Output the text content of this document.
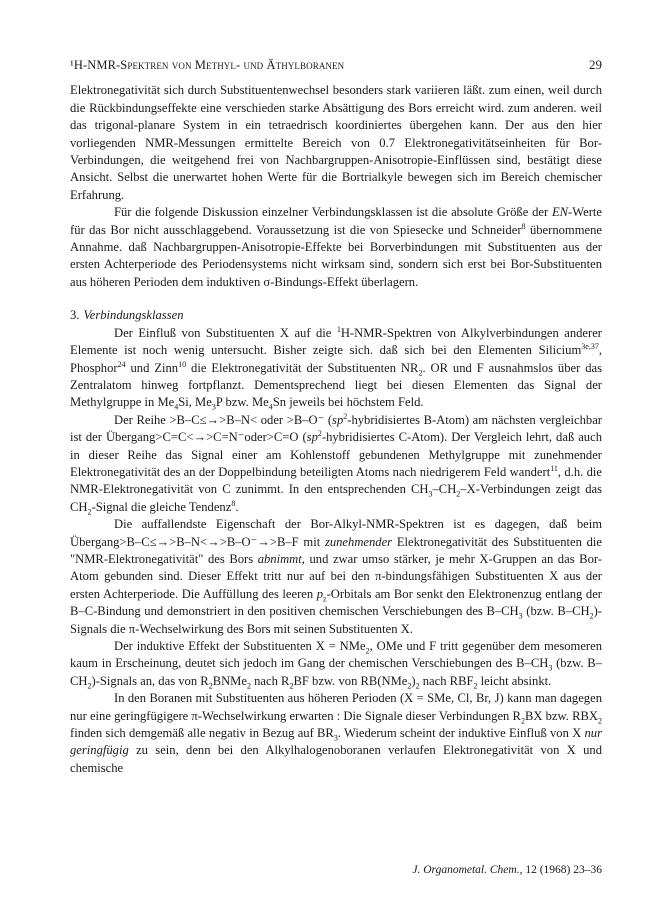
¹H-NMR-Spektren von Methyl- und Äthylboranen	29

Elektronegativität sich durch Substituentenwechsel besonders stark variieren läßt. zum einen, weil durch die Rückbindungseffekte eine verschieden starke Absättigung des Bors erreicht wird. zum anderen. weil das trigonal-planare System in ein tetraedrisch koordiniertes übergehen kann. Der aus den hier vorliegenden NMR-Messungen ermittelte Bereich von 0.7 Elektronegativitätseinheiten für Bor-Verbindungen, die weitgehend frei von Nachbargruppen-Anisotropie-Einflüssen sind, bestätigt diese Ansicht. Selbst die unerwartet hohen Werte für die Bortrialkyle bewegen sich im Bereich chemischer Erfahrung.

Für die folgende Diskussion einzelner Verbindungsklassen ist die absolute Größe der EN-Werte für das Bor nicht ausschlaggebend. Voraussetzung ist die von Spiesecke und Schneider$^8$ übernommene Annahme. daß Nachbargruppen-Anisotropie-Effekte bei Borverbindungen mit Substituenten aus der ersten Achterperiode des Periodensystems nicht wirksam sind, sondern sich erst bei Bor-Substituenten aus höheren Perioden dem induktiven σ-Bindungs-Effekt überlagern.

3. Verbindungsklassen

Der Einfluß von Substituenten X auf die $^1$H-NMR-Spektren von Alkylverbindungen anderer Elemente ist noch wenig untersucht. Bisher zeigte sich. daß sich bei den Elementen Silicium$^{3e,37}$, Phosphor$^{24}$ und Zinn$^{10}$ die Elektronegativität der Substituenten $NR_2$. OR und F ausnahmslos über das Zentralatom hinweg fortpflanzt. Dementsprechend liegt bei diesen Elementen das Signal der Methylgruppe in $Me_4Si$, $Me_3P$ bzw. $Me_4Sn$ jeweils bei höchstem Feld.

Der Reihe >B–C≤→>B–N< oder >B–O⁻ ($sp^2$-hybridisiertes B-Atom) am nächsten vergleichbar ist der Übergang>C=C<→>C=N⁻oder>C=O ($sp^2$-hybridisiertes C-Atom). Der Vergleich lehrt, daß auch in dieser Reihe das Signal einer am Kohlenstoff gebundenen Methylgruppe mit zunehmender Elektronegativität des an der Doppelbindung beteiligten Atoms nach niedrigerem Feld wandert$^{11}$, d.h. die NMR-Elektronegativität von C zunimmt. In den entsprechenden $CH_3-CH_2-X$-Verbindungen zeigt das $CH_2$-Signal die gleiche Tendenz$^8$.

Die auffallendste Eigenschaft der Bor-Alkyl-NMR-Spektren ist es dagegen, daß beim Übergang>B–C≤→>B–N<→>B–O⁻→>B–F mit zunehmender Elektronegativität des Substituenten die "NMR-Elektronegativität" des Bors abnimmt, und zwar umso stärker, je mehr X-Gruppen an das Bor-Atom gebunden sind. Dieser Effekt tritt nur auf bei den π-bindungsfähigen Substituenten X aus der ersten Achterperiode. Die Auffüllung des leeren $p_z$-Orbitals am Bor senkt den Elektronenzug entlang der B–C-Bindung und demonstriert in den positiven chemischen Verschiebungen des $B-CH_3$ (bzw. $B-CH_2$)-Signals die π-Wechselwirkung des Bors mit seinen Substituenten X.

Der induktive Effekt der Substituenten X = NMe$_2$, OMe und F tritt gegenüber dem mesomeren kaum in Erscheinung, deutet sich jedoch im Gang der chemischen Verschiebungen des $B-CH_3$ (bzw. $B-CH_2$)-Signals an, das von $R_2BNMe_2$ nach $R_2BF$ bzw. von $RB(NMe_2)_2$ nach $RBF_2$ leicht absinkt.

In den Boranen mit Substituenten aus höheren Perioden (X = SMe, Cl, Br, J) kann man dagegen nur eine geringfügigere π-Wechselwirkung erwarten : Die Signale dieser Verbindungen $R_2BX$ bzw. $RBX_2$ finden sich demgemäß alle negativ in Bezug auf $BR_3$. Wiederum scheint der induktive Einfluß von X nur geringfügig zu sein, denn bei den Alkylhalogenoboranen verlaufen Elektronegativität von X und chemische

J. Organometal. Chem., 12 (1968) 23–36
